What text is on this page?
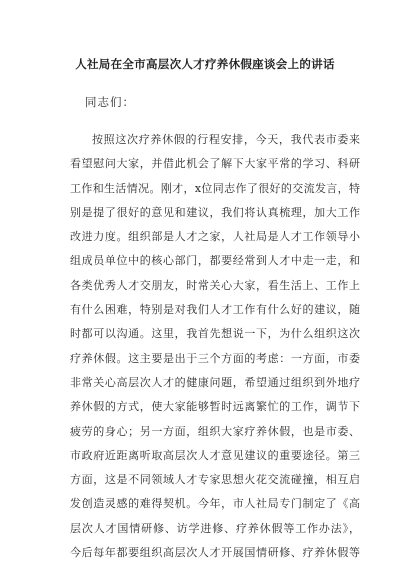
人社局在全市高层次人才疗养休假座谈会上的讲话
同志们：
按照这次疗养休假的行程安排，今天，我代表市委来
看望慰问大家，并借此机会了解下大家平常的学习、科研
工作和生活情况。刚才，x位同志作了很好的交流发言，特
别是提了很好的意见和建议，我们将认真梳理，加大工作
改进力度。组织部是人才之家，人社局是人才工作领导小
组成员单位中的核心部门，都要经常到人才中走一走，和
各类优秀人才交朋友，时常关心大家，看生活上、工作上
有什么困难，特别是对我们人才工作有什么好的建议，随
时都可以沟通。这里，我首先想说一下，为什么组织这次
疗养休假。这主要是出于三个方面的考虑：一方面，市委
非常关心高层次人才的健康问题，希望通过组织到外地疗
养休假的方式，使大家能够暂时远离繁忙的工作，调节下
疲劳的身心；另一方面，组织大家疗养休假，也是市委、
市政府近距离听取高层次人才意见建议的重要途径。第三
方面，这是不同领域人才专家思想火花交流碰撞，相互启
发创造灵感的难得契机。今年，市人社局专门制定了《高
层次人才国情研修、访学进修、疗养休假等工作办法》，
今后每年都要组织高层次人才开展国情研修、疗养休假等
